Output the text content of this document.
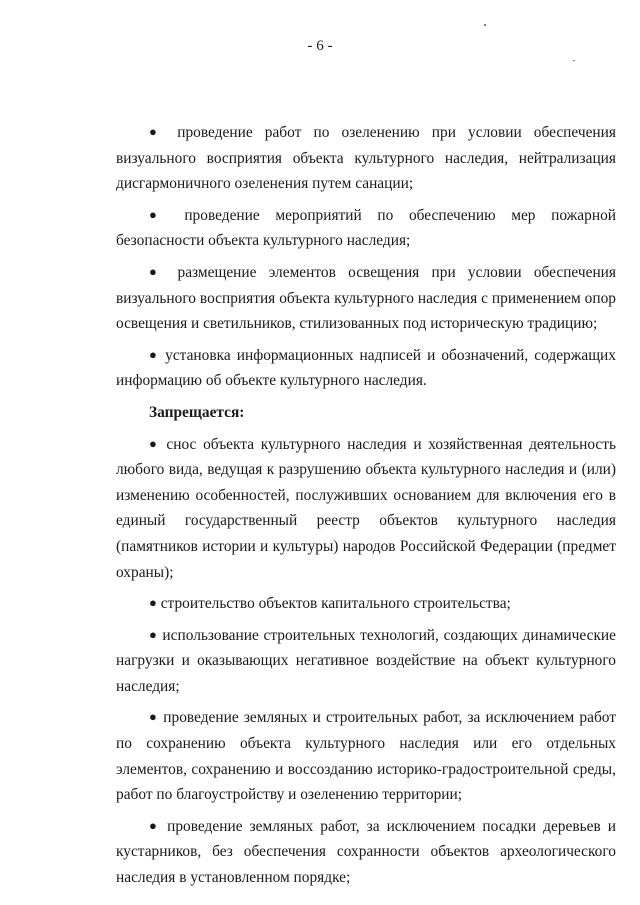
- 6 -

● проведение работ по озеленению при условии обеспечения визуального восприятия объекта культурного наследия, нейтрализация дисгармоничного озеленения путем санации;

● проведение мероприятий по обеспечению мер пожарной безопасности объекта культурного наследия;

● размещение элементов освещения при условии обеспечения визуального восприятия объекта культурного наследия с применением опор освещения и светильников, стилизованных под историческую традицию;

● установка информационных надписей и обозначений, содержащих информацию об объекте культурного наследия.

Запрещается:

● снос объекта культурного наследия и хозяйственная деятельность любого вида, ведущая к разрушению объекта культурного наследия и (или) изменению особенностей, послуживших основанием для включения его в единый государственный реестр объектов культурного наследия (памятников истории и культуры) народов Российской Федерации (предмет охраны);

● строительство объектов капитального строительства;

● использование строительных технологий, создающих динамические нагрузки и оказывающих негативное воздействие на объект культурного наследия;

● проведение земляных и строительных работ, за исключением работ по сохранению объекта культурного наследия или его отдельных элементов, сохранению и воссозданию историко-градостроительной среды, работ по благоустройству и озеленению территории;

● проведение земляных работ, за исключением посадки деревьев и кустарников, без обеспечения сохранности объектов археологического наследия в установленном порядке;
